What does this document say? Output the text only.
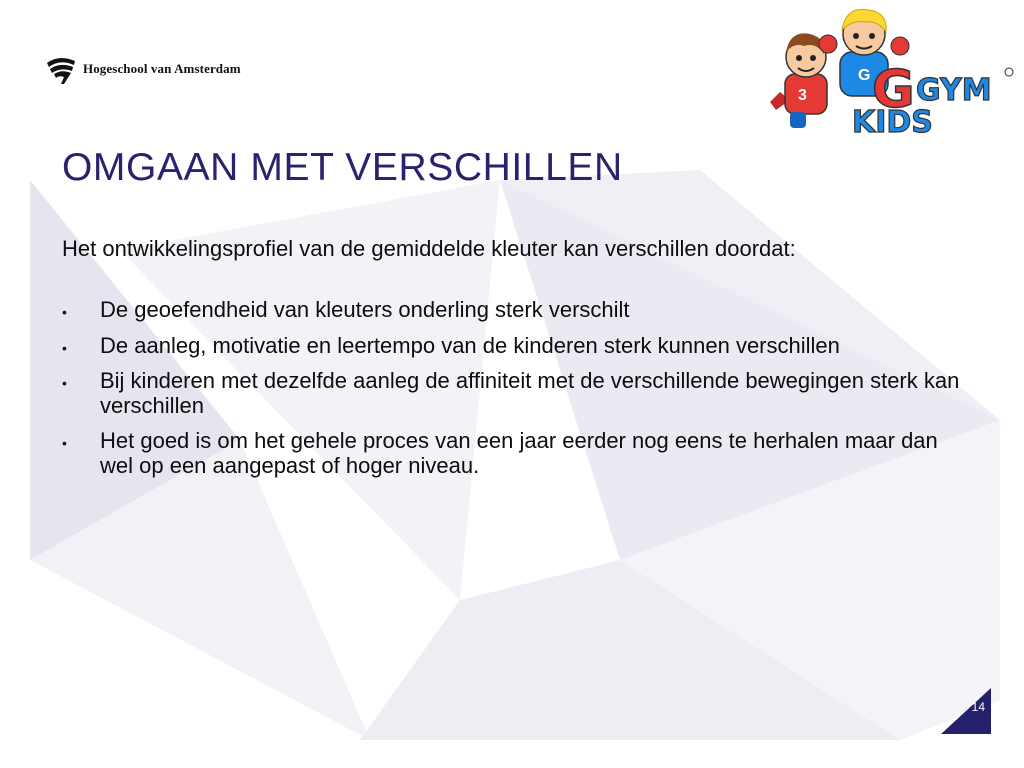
Hogeschool van Amsterdam
3
G G GYM
KIDS
OMGAAN MET VERSCHILLEN

Het ontwikkelingsprofiel van de gemiddelde kleuter kan verschillen doordat:

• De geoefendheid van kleuters onderling sterk verschilt
• De aanleg, motivatie en leertempo van de kinderen sterk kunnen verschillen
• Bij kinderen met dezelfde aanleg de affiniteit met de verschillende bewegingen sterk kan verschillen
• Het goed is om het gehele proces van een jaar eerder nog eens te herhalen maar dan wel op een aangepast of hoger niveau.
14
